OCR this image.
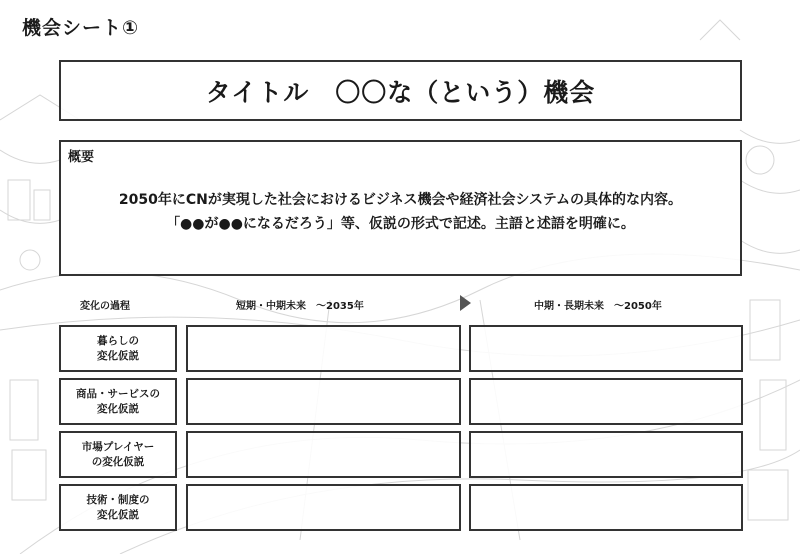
機会シート①
タイトル　〇〇な（という）機会
概要
2050年にCNが実現した社会におけるビジネス機会や経済社会システムの具体的な内容。
「●●が●●になるだろう」等、仮説の形式で記述。主語と述語を明確に。
変化の過程	短期・中期未来　～2035年	中期・長期未来　～2050年
暮らしの
変化仮説
商品・サービスの
変化仮説
市場プレイヤー
の変化仮説
技術・制度の
変化仮説
